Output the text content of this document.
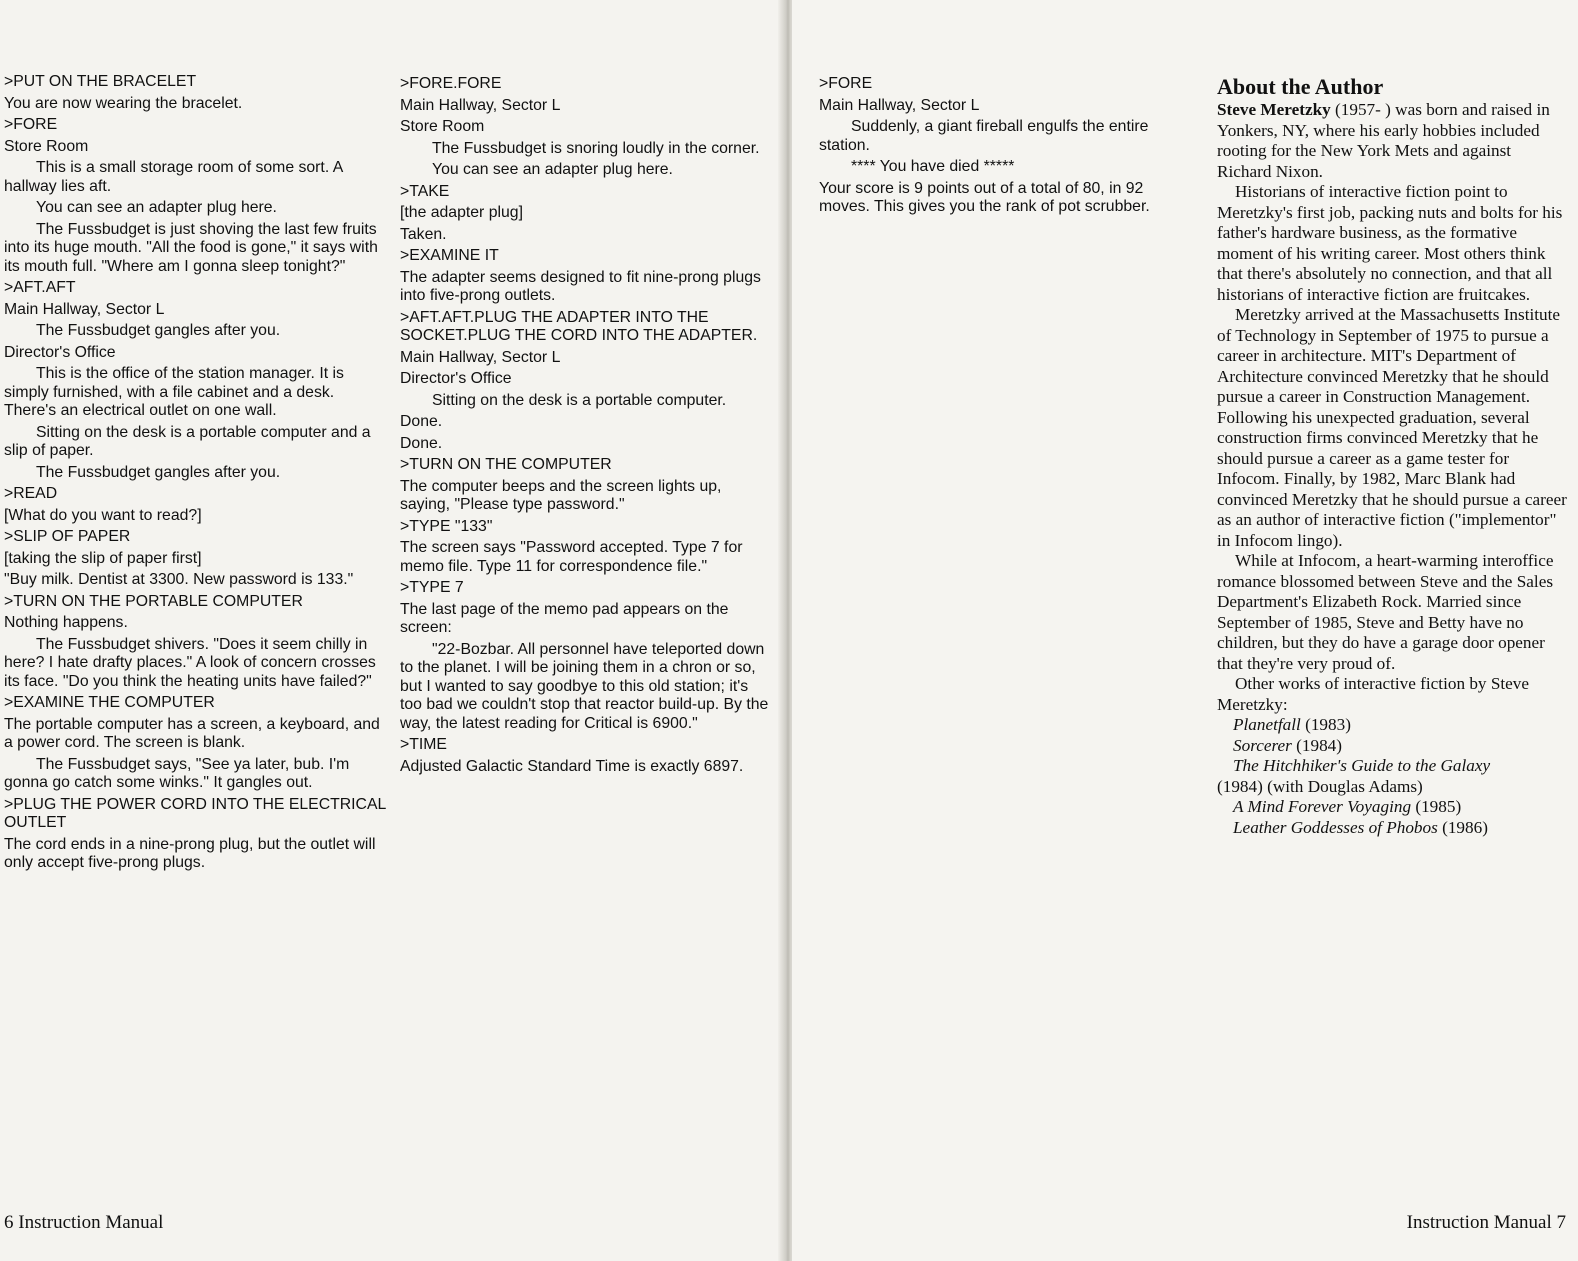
>PUT ON THE BRACELET

You are now wearing the bracelet.

>FORE

Store Room

This is a small storage room of some sort. A hallway lies aft.

You can see an adapter plug here.

The Fussbudget is just shoving the last few fruits into its huge mouth. "All the food is gone," it says with its mouth full. "Where am I gonna sleep tonight?"

>AFT.AFT

Main Hallway, Sector L

The Fussbudget gangles after you.

Director's Office

This is the office of the station manager. It is simply furnished, with a file cabinet and a desk. There's an electrical outlet on one wall.

Sitting on the desk is a portable computer and a slip of paper.

The Fussbudget gangles after you.

>READ

[What do you want to read?]

>SLIP OF PAPER

[taking the slip of paper first]

"Buy milk. Dentist at 3300. New password is 133."

>TURN ON THE PORTABLE COMPUTER

Nothing happens.

The Fussbudget shivers. "Does it seem chilly in here? I hate drafty places." A look of concern crosses its face. "Do you think the heating units have failed?"

>EXAMINE THE COMPUTER

The portable computer has a screen, a keyboard, and a power cord. The screen is blank.

The Fussbudget says, "See ya later, bub. I'm gonna go catch some winks." It gangles out.

>PLUG THE POWER CORD INTO THE ELECTRICAL OUTLET

The cord ends in a nine-prong plug, but the outlet will only accept five-prong plugs.

>FORE.FORE

Main Hallway, Sector L

Store Room

The Fussbudget is snoring loudly in the corner.

You can see an adapter plug here.

>TAKE

[the adapter plug]

Taken.

>EXAMINE IT

The adapter seems designed to fit nine-prong plugs into five-prong outlets.

>AFT.AFT.PLUG THE ADAPTER INTO THE SOCKET.PLUG THE CORD INTO THE ADAPTER.

Main Hallway, Sector L

Director's Office

Sitting on the desk is a portable computer.

Done.

Done.

>TURN ON THE COMPUTER

The computer beeps and the screen lights up, saying, "Please type password."

>TYPE "133"

The screen says "Password accepted. Type 7 for memo file. Type 11 for correspondence file."

>TYPE 7

The last page of the memo pad appears on the screen:

"22-Bozbar. All personnel have teleported down to the planet. I will be joining them in a chron or so, but I wanted to say goodbye to this old station; it's too bad we couldn't stop that reactor build-up. By the way, the latest reading for Critical is 6900."

>TIME

Adjusted Galactic Standard Time is exactly 6897.

6 Instruction Manual

>FORE

Main Hallway, Sector L

Suddenly, a giant fireball engulfs the entire station.

**** You have died *****

Your score is 9 points out of a total of 80, in 92 moves. This gives you the rank of pot scrubber.

About the Author

Steve Meretzky (1957- ) was born and raised in Yonkers, NY, where his early hobbies included rooting for the New York Mets and against Richard Nixon.

Historians of interactive fiction point to Meretzky's first job, packing nuts and bolts for his father's hardware business, as the formative moment of his writing career. Most others think that there's absolutely no connection, and that all historians of interactive fiction are fruitcakes.

Meretzky arrived at the Massachusetts Institute of Technology in September of 1975 to pursue a career in architecture. MIT's Department of Architecture convinced Meretzky that he should pursue a career in Construction Management. Following his unexpected graduation, several construction firms convinced Meretzky that he should pursue a career as a game tester for Infocom. Finally, by 1982, Marc Blank had convinced Meretzky that he should pursue a career as an author of interactive fiction ("implementor" in Infocom lingo).

While at Infocom, a heart-warming interoffice romance blossomed between Steve and the Sales Department's Elizabeth Rock. Married since September of 1985, Steve and Betty have no children, but they do have a garage door opener that they're very proud of.

Other works of interactive fiction by Steve Meretzky:

Planetfall (1983)
Sorcerer (1984)
The Hitchhiker's Guide to the Galaxy
(1984) (with Douglas Adams)
A Mind Forever Voyaging (1985)
Leather Goddesses of Phobos (1986)
Instruction Manual 7
